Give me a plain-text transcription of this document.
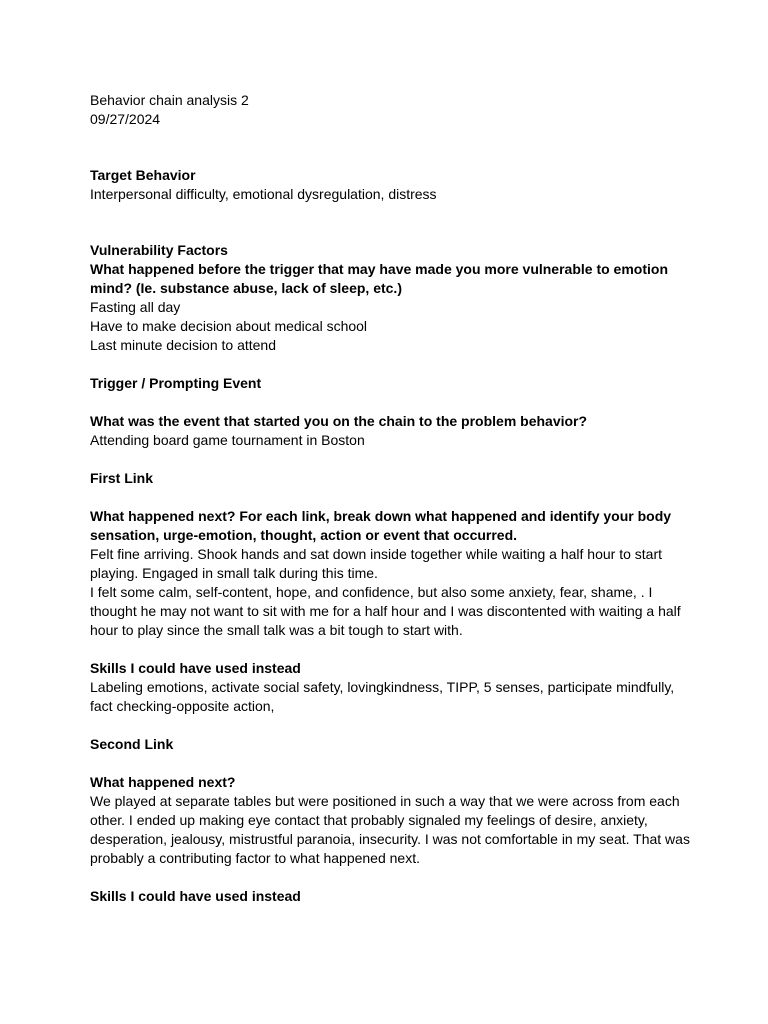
Behavior chain analysis 2
09/27/2024
Target Behavior
Interpersonal difficulty, emotional dysregulation, distress
Vulnerability Factors
What happened before the trigger that may have made you more vulnerable to emotion mind? (Ie. substance abuse, lack of sleep, etc.)
Fasting all day
Have to make decision about medical school
Last minute decision to attend
Trigger / Prompting Event
What was the event that started you on the chain to the problem behavior?
Attending board game tournament in Boston
First Link
What happened next? For each link, break down what happened and identify your body sensation, urge-emotion, thought, action or event that occurred.
Felt fine arriving. Shook hands and sat down inside together while waiting a half hour to start playing. Engaged in small talk during this time.
I felt some calm, self-content, hope, and confidence, but also some anxiety, fear, shame, . I thought he may not want to sit with me for a half hour and I was discontented with waiting a half hour to play since the small talk was a bit tough to start with.
Skills I could have used instead
Labeling emotions, activate social safety, lovingkindness, TIPP, 5 senses, participate mindfully, fact checking-opposite action,
Second Link
What happened next?
We played at separate tables but were positioned in such a way that we were across from each other. I ended up making eye contact that probably signaled my feelings of desire, anxiety, desperation, jealousy, mistrustful paranoia, insecurity. I was not comfortable in my seat. That was probably a contributing factor to what happened next.
Skills I could have used instead
